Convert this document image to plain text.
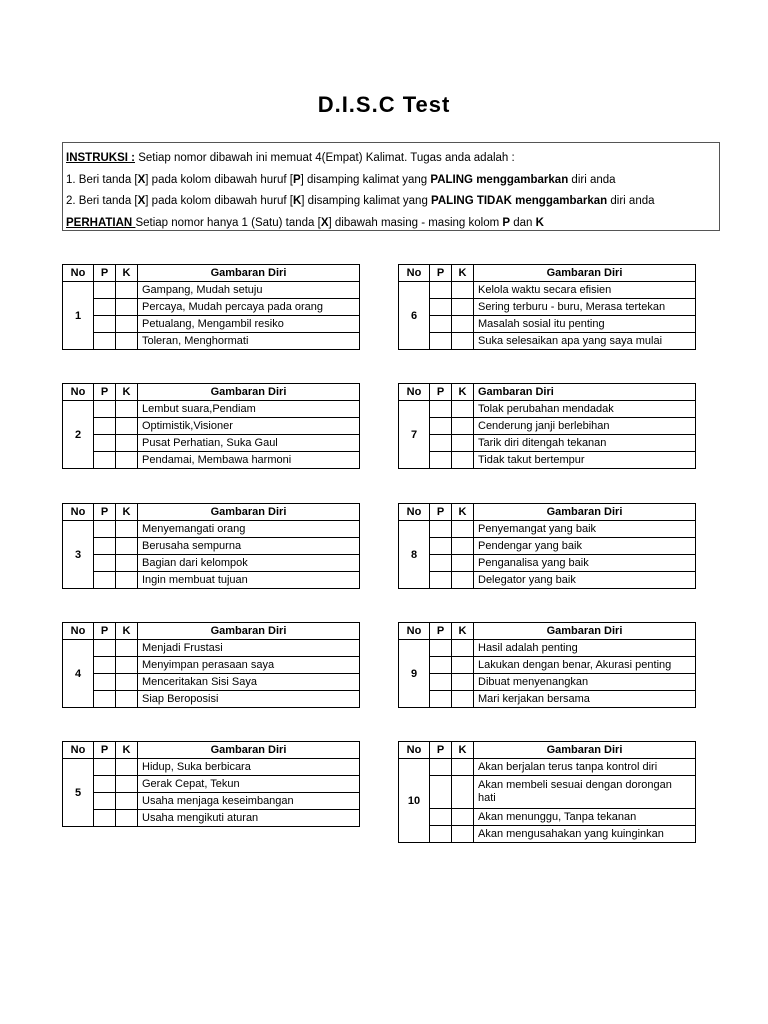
D.I.S.C Test
INSTRUKSI : Setiap nomor dibawah ini memuat 4(Empat) Kalimat. Tugas anda adalah :
1. Beri tanda [X] pada kolom dibawah huruf [P] disamping kalimat yang PALING menggambarkan diri anda
2. Beri tanda [X] pada kolom dibawah huruf [K] disamping kalimat yang PALING TIDAK menggambarkan diri anda
PERHATIAN Setiap nomor hanya 1 (Satu) tanda [X] dibawah masing - masing kolom P dan K
No	P	K	Gambaran Diri
1			Gampang, Mudah setuju
			Percaya, Mudah percaya pada orang
			Petualang, Mengambil resiko
			Toleran, Menghormati
No	P	K	Gambaran Diri
6			Kelola waktu secara efisien
			Sering terburu - buru, Merasa tertekan
			Masalah sosial itu penting
			Suka selesaikan apa yang saya mulai
No	P	K	Gambaran Diri
2			Lembut suara,Pendiam
			Optimistik,Visioner
			Pusat Perhatian, Suka Gaul
			Pendamai, Membawa harmoni
No	P	K	Gambaran Diri
7			Tolak perubahan mendadak
			Cenderung janji berlebihan
			Tarik diri ditengah tekanan
			Tidak takut bertempur
No	P	K	Gambaran Diri
3			Menyemangati orang
			Berusaha sempurna
			Bagian dari kelompok
			Ingin membuat tujuan
No	P	K	Gambaran Diri
8			Penyemangat yang baik
			Pendengar yang baik
			Penganalisa yang baik
			Delegator yang baik
No	P	K	Gambaran Diri
4			Menjadi Frustasi
			Menyimpan perasaan saya
			Menceritakan Sisi Saya
			Siap Beroposisi
No	P	K	Gambaran Diri
9			Hasil adalah penting
			Lakukan dengan benar, Akurasi penting
			Dibuat menyenangkan
			Mari kerjakan bersama
No	P	K	Gambaran Diri
5			Hidup, Suka berbicara
			Gerak Cepat, Tekun
			Usaha menjaga keseimbangan
			Usaha mengikuti aturan
No	P	K	Gambaran Diri
10			Akan berjalan terus tanpa kontrol diri
			Akan membeli sesuai dengan dorongan hati
			Akan menunggu, Tanpa tekanan
			Akan mengusahakan yang kuinginkan
